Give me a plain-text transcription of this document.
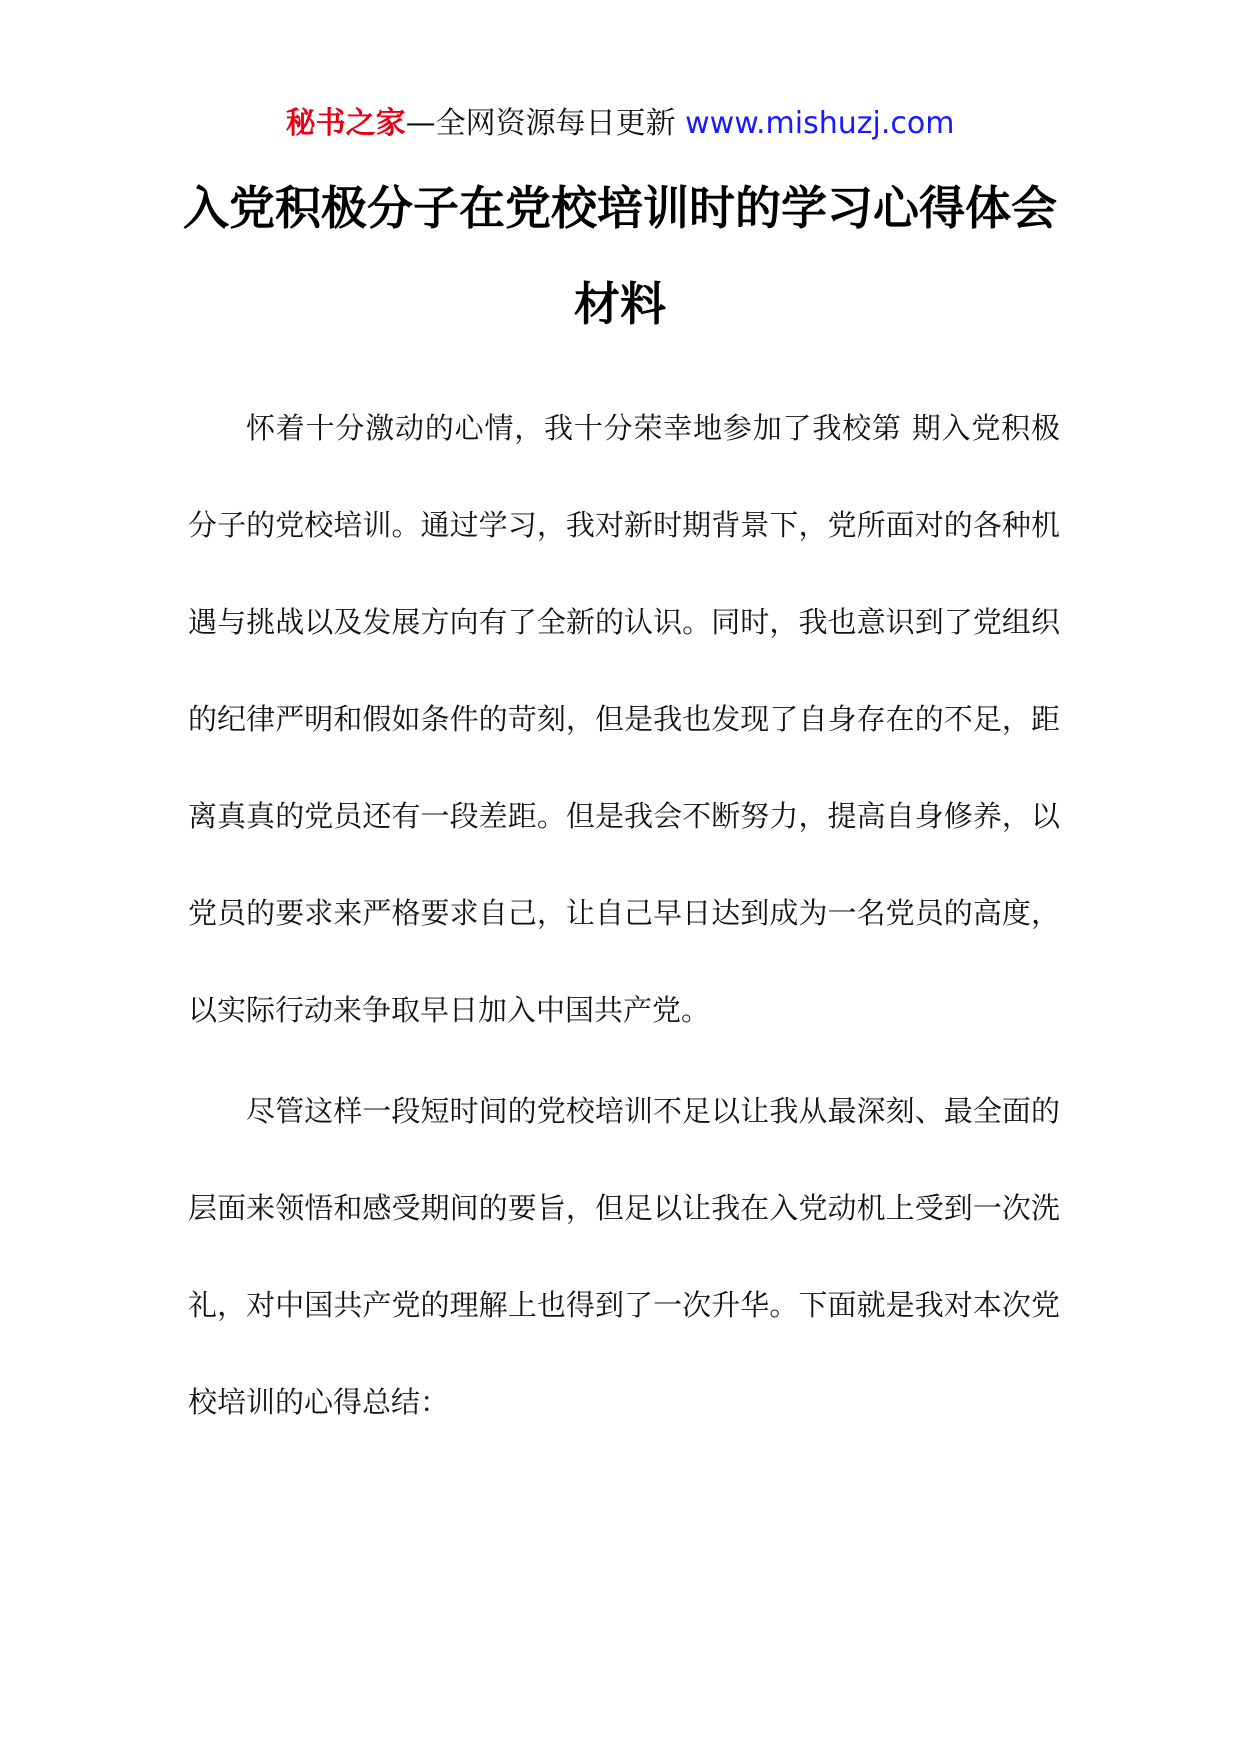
秘书之家—全网资源每日更新 www.mishuzj.com
入党积极分子在党校培训时的学习心得体会材料

怀着十分激动的心情，我十分荣幸地参加了我校第 期入党积极分子的党校培训。通过学习，我对新时期背景下，党所面对的各种机遇与挑战以及发展方向有了全新的认识。同时，我也意识到了党组织的纪律严明和假如条件的苛刻，但是我也发现了自身存在的不足，距离真真的党员还有一段差距。但是我会不断努力，提高自身修养，以党员的要求来严格要求自己，让自己早日达到成为一名党员的高度，以实际行动来争取早日加入中国共产党。

尽管这样一段短时间的党校培训不足以让我从最深刻、最全面的层面来领悟和感受期间的要旨，但足以让我在入党动机上受到一次洗礼，对中国共产党的理解上也得到了一次升华。下面就是我对本次党校培训的心得总结：
